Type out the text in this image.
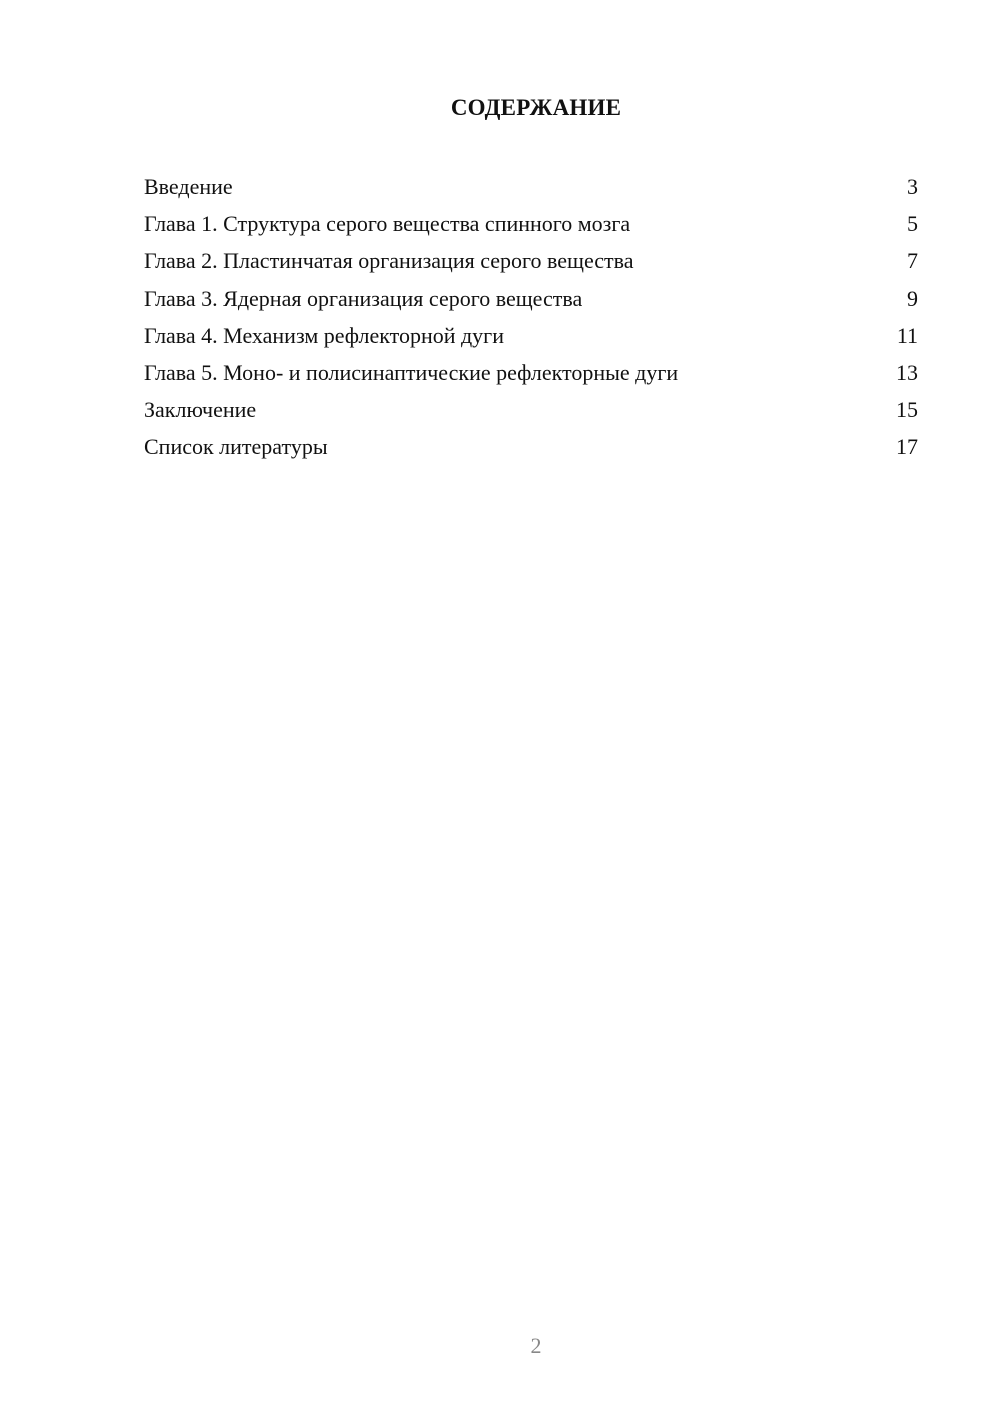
СОДЕРЖАНИЕ
Введение	3
Глава 1. Структура серого вещества спинного мозга	5
Глава 2. Пластинчатая организация серого вещества	7
Глава 3. Ядерная организация серого вещества	9
Глава 4. Механизм рефлекторной дуги	11
Глава 5. Моно- и полисинаптические рефлекторные дуги	13
Заключение	15
Список литературы	17
2
